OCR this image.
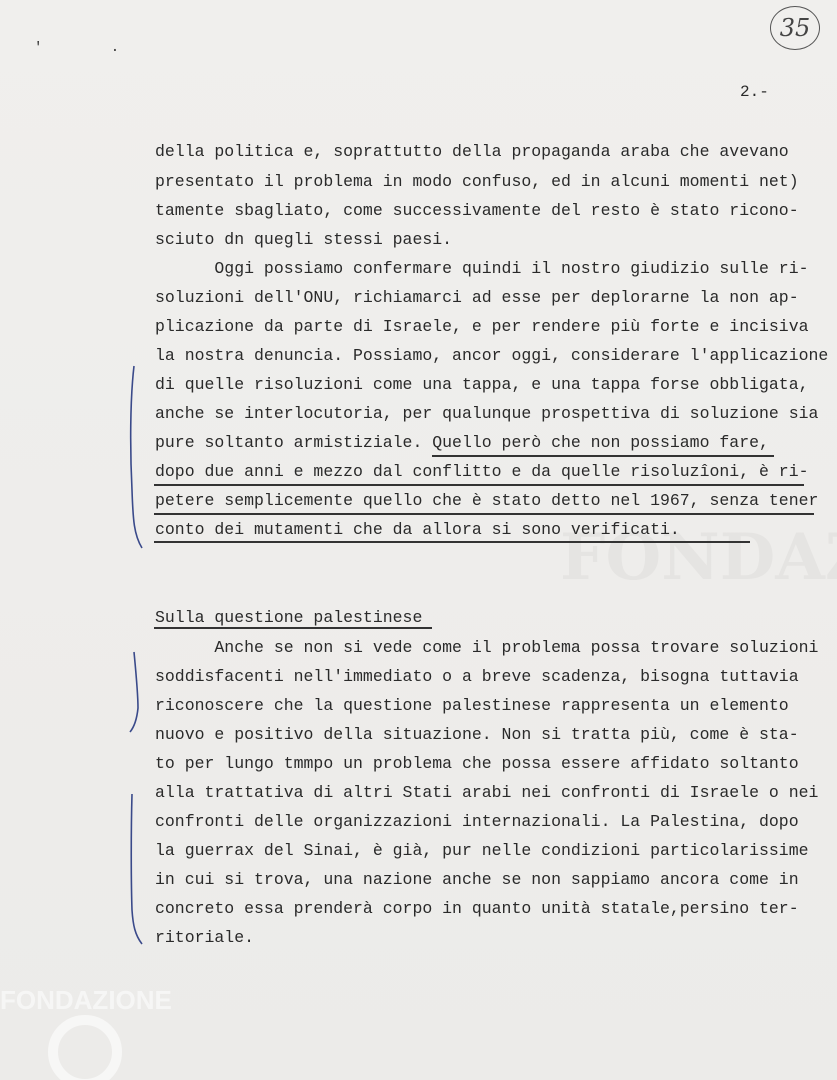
35
' .
2.-
della politica e, soprattutto della propaganda araba che avevano
presentato il problema in modo confuso, ed in alcuni momenti net)
tamente sbagliato, come successivamente del resto è stato ricono-
sciuto dn quegli stessi paesi.
Oggi possiamo confermare quindi il nostro giudizio sulle ri-
soluzioni dell'ONU, richiamarci ad esse per deplorarne la non ap-
plicazione da parte di Israele, e per rendere più forte e incisiva
la nostra denuncia. Possiamo, ancor oggi, considerare l'applicazione
di quelle risoluzioni come una tappa, e una tappa forse obbligata,
anche se interlocutoria, per qualunque prospettiva di soluzione sia
pure soltanto armistiziale. Quello però che non possiamo fare,
dopo due anni e mezzo dal conflitto e da quelle risoluzîoni, è ri-
petere semplicemente quello che è stato detto nel 1967, senza tener
conto dei mutamenti che da allora si sono verificati.
Sulla questione palestinese
Anche se non si vede come il problema possa trovare soluzioni
soddisfacenti nell'immediato o a breve scadenza, bisogna tuttavia
riconoscere che la questione palestinese rappresenta un elemento
nuovo e positivo della situazione. Non si tratta più, come è sta-
to per lungo tmmpo un problema che possa essere affidato soltanto
alla trattativa di altri Stati arabi nei confronti di Israele o nei
confronti delle organizzazioni internazionali. La Palestina, dopo
la guerrax del Sinai, è già, pur nelle condizioni particolarissime
in cui si trova, una nazione anche se non sappiamo ancora come in
concreto essa prenderà corpo in quanto unità statale,persino ter-
ritoriale.
FONDAZIONE
